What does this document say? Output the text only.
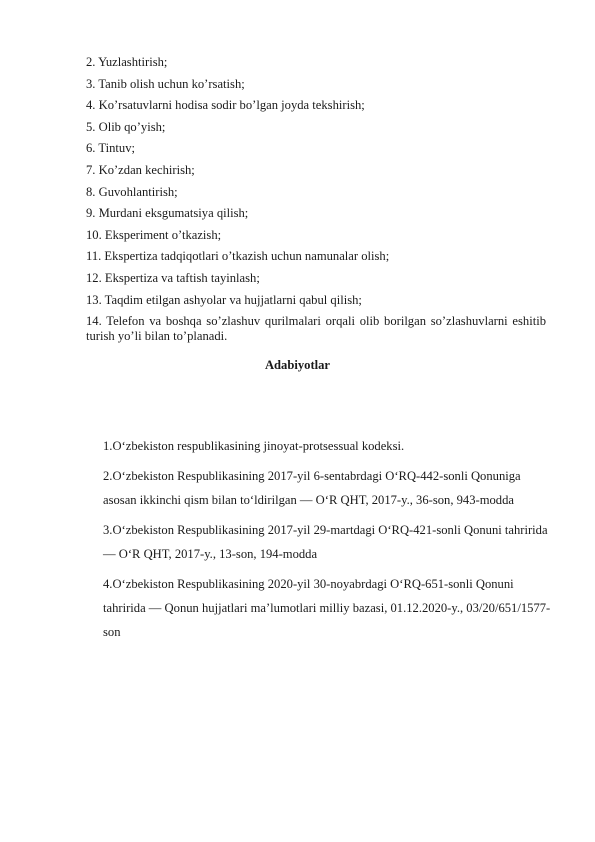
2. Yuzlashtirish;
3. Tanib olish uchun ko’rsatish;
4. Ko’rsatuvlarni hodisa sodir bo’lgan joyda tekshirish;
5. Olib qo’yish;
6. Tintuv;
7. Ko’zdan kechirish;
8. Guvohlantirish;
9. Murdani eksgumatsiya qilish;
10. Eksperiment o’tkazish;
11. Ekspertiza tadqiqotlari o’tkazish uchun namunalar olish;
12. Ekspertiza va taftish tayinlash;
13. Taqdim etilgan ashyolar va hujjatlarni qabul qilish;
14. Telefon va boshqa so’zlashuv qurilmalari orqali olib borilgan so’zlashuvlarni eshitib turish yo’li bilan to’planadi.
Adabiyotlar
1.O‘zbekiston respublikasining jinoyat-protsessual kodeksi.
2.O‘zbekiston Respublikasining 2017-yil 6-sentabrdagi O‘RQ-442-sonli Qonuniga asosan ikkinchi qism bilan to‘ldirilgan — O‘R QHT, 2017-y., 36-son, 943-modda
3.O‘zbekiston Respublikasining 2017-yil 29-martdagi O‘RQ-421-sonli Qonuni tahririda — O‘R QHT, 2017-y., 13-son, 194-modda
4.O‘zbekiston Respublikasining 2020-yil 30-noyabrdagi O‘RQ-651-sonli Qonuni tahririda — Qonun hujjatlari ma’lumotlari milliy bazasi, 01.12.2020-y., 03/20/651/1577-son
